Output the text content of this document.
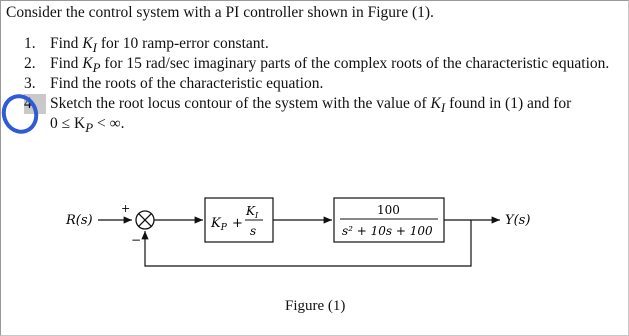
Consider the control system with a PI controller shown in Figure (1).
1. Find $K_I$ for 10 ramp-error constant.
2. Find $K_P$ for 15 rad/sec imaginary parts of the complex roots of the characteristic equation.
3. Find the roots of the characteristic equation.
4. Sketch the root locus contour of the system with the value of $K_I$ found in (1) and for
$0 \le K_P$ < ∞.
R(s)
+
−
$K_P$ +
$K_I$
s
100
s² + 10s + 100
Y(s)
Figure (1)
